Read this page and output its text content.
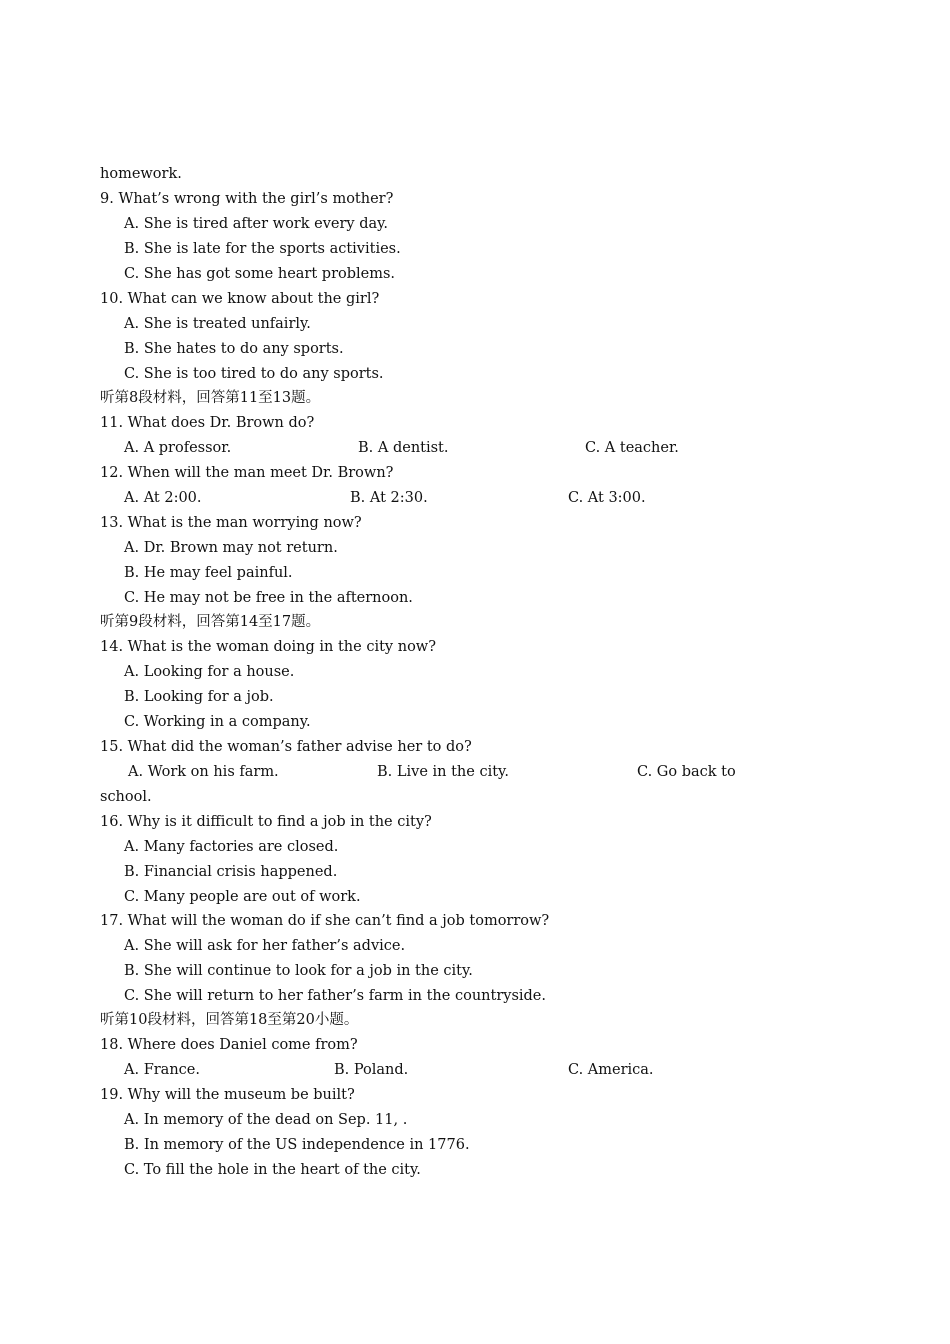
homework.
9. What’s wrong with the girl’s mother?
A. She is tired after work every day.
B. She is late for the sports activities.
C. She has got some heart problems.
10. What can we know about the girl?
A. She is treated unfairly.
B. She hates to do any sports.
C. She is too tired to do any sports.
听第8段材料，回答第11至13题。
11. What does Dr. Brown do?
A. A professor.	B. A dentist.	C. A teacher.
12. When will the man meet Dr. Brown?
A. At 2:00.	B. At 2:30.	C. At 3:00.
13. What is the man worrying now?
A. Dr. Brown may not return.
B. He may feel painful.
C. He may not be free in the afternoon.
听第9段材料，回答第14至17题。
14. What is the woman doing in the city now?
A. Looking for a house.
B. Looking for a job.
C. Working in a company.
15. What did the woman’s father advise her to do?
A. Work on his farm.	B. Live in the city.	C. Go back to
school.
16. Why is it difficult to find a job in the city?
A. Many factories are closed.
B. Financial crisis happened.
C. Many people are out of work.
17. What will the woman do if she can’t find a job tomorrow?
A. She will ask for her father’s advice.
B. She will continue to look for a job in the city.
C. She will return to her father’s farm in the countryside.
听第10段材料，回答第18至第20小题。
18. Where does Daniel come from?
A. France.	B. Poland.	C. America.
19. Why will the museum be built?
A. In memory of the dead on Sep. 11, .
B. In memory of the US independence in 1776.
C. To fill the hole in the heart of the city.
